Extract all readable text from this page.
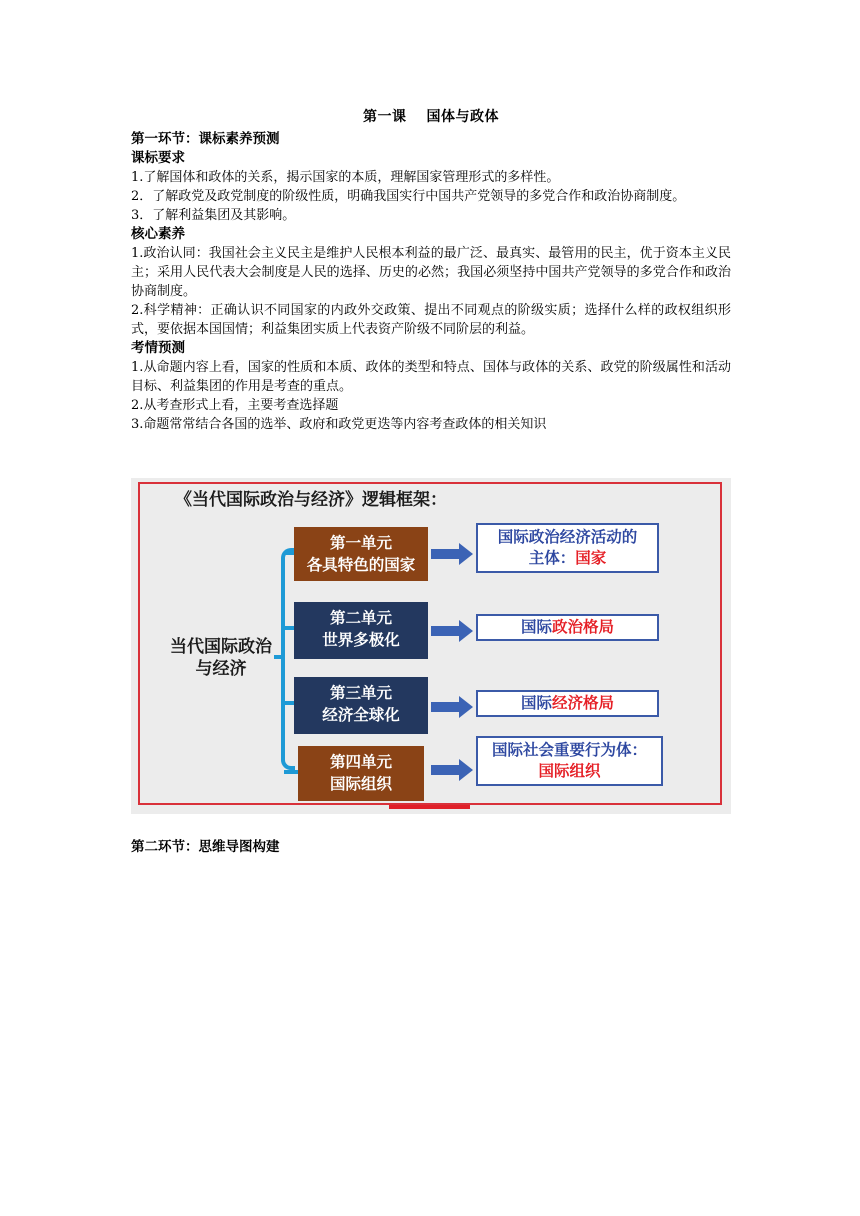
第一课 国体与政体

第一环节：课标素养预测

课标要求

1.了解国体和政体的关系，揭示国家的本质，理解国家管理形式的多样性。

2．了解政党及政党制度的阶级性质，明确我国实行中国共产党领导的多党合作和政治协商制度。

3．了解利益集团及其影响。

核心素养

1.政治认同：我国社会主义民主是维护人民根本利益的最广泛、最真实、最管用的民主，优于资本主义民主；采用人民代表大会制度是人民的选择、历史的必然；我国必须坚持中国共产党领导的多党合作和政治协商制度。

2.科学精神：正确认识不同国家的内政外交政策、提出不同观点的阶级实质；选择什么样的政权组织形式，要依据本国国情；利益集团实质上代表资产阶级不同阶层的利益。

考情预测

1.从命题内容上看，国家的性质和本质、政体的类型和特点、国体与政体的关系、政党的阶级属性和活动目标、利益集团的作用是考查的重点。

2.从考查形式上看，主要考查选择题

3.命题常常结合各国的选举、政府和政党更迭等内容考查政体的相关知识

《当代国际政治与经济》逻辑框架：
当代国际政治
与经济
第一单元
各具特色的国家
国际政治经济活动的
主体：国家
第二单元
世界多极化
国际政治格局
第三单元
经济全球化
国际经济格局
第四单元
国际组织
国际社会重要行为体：
国际组织
第二环节：思维导图构建
